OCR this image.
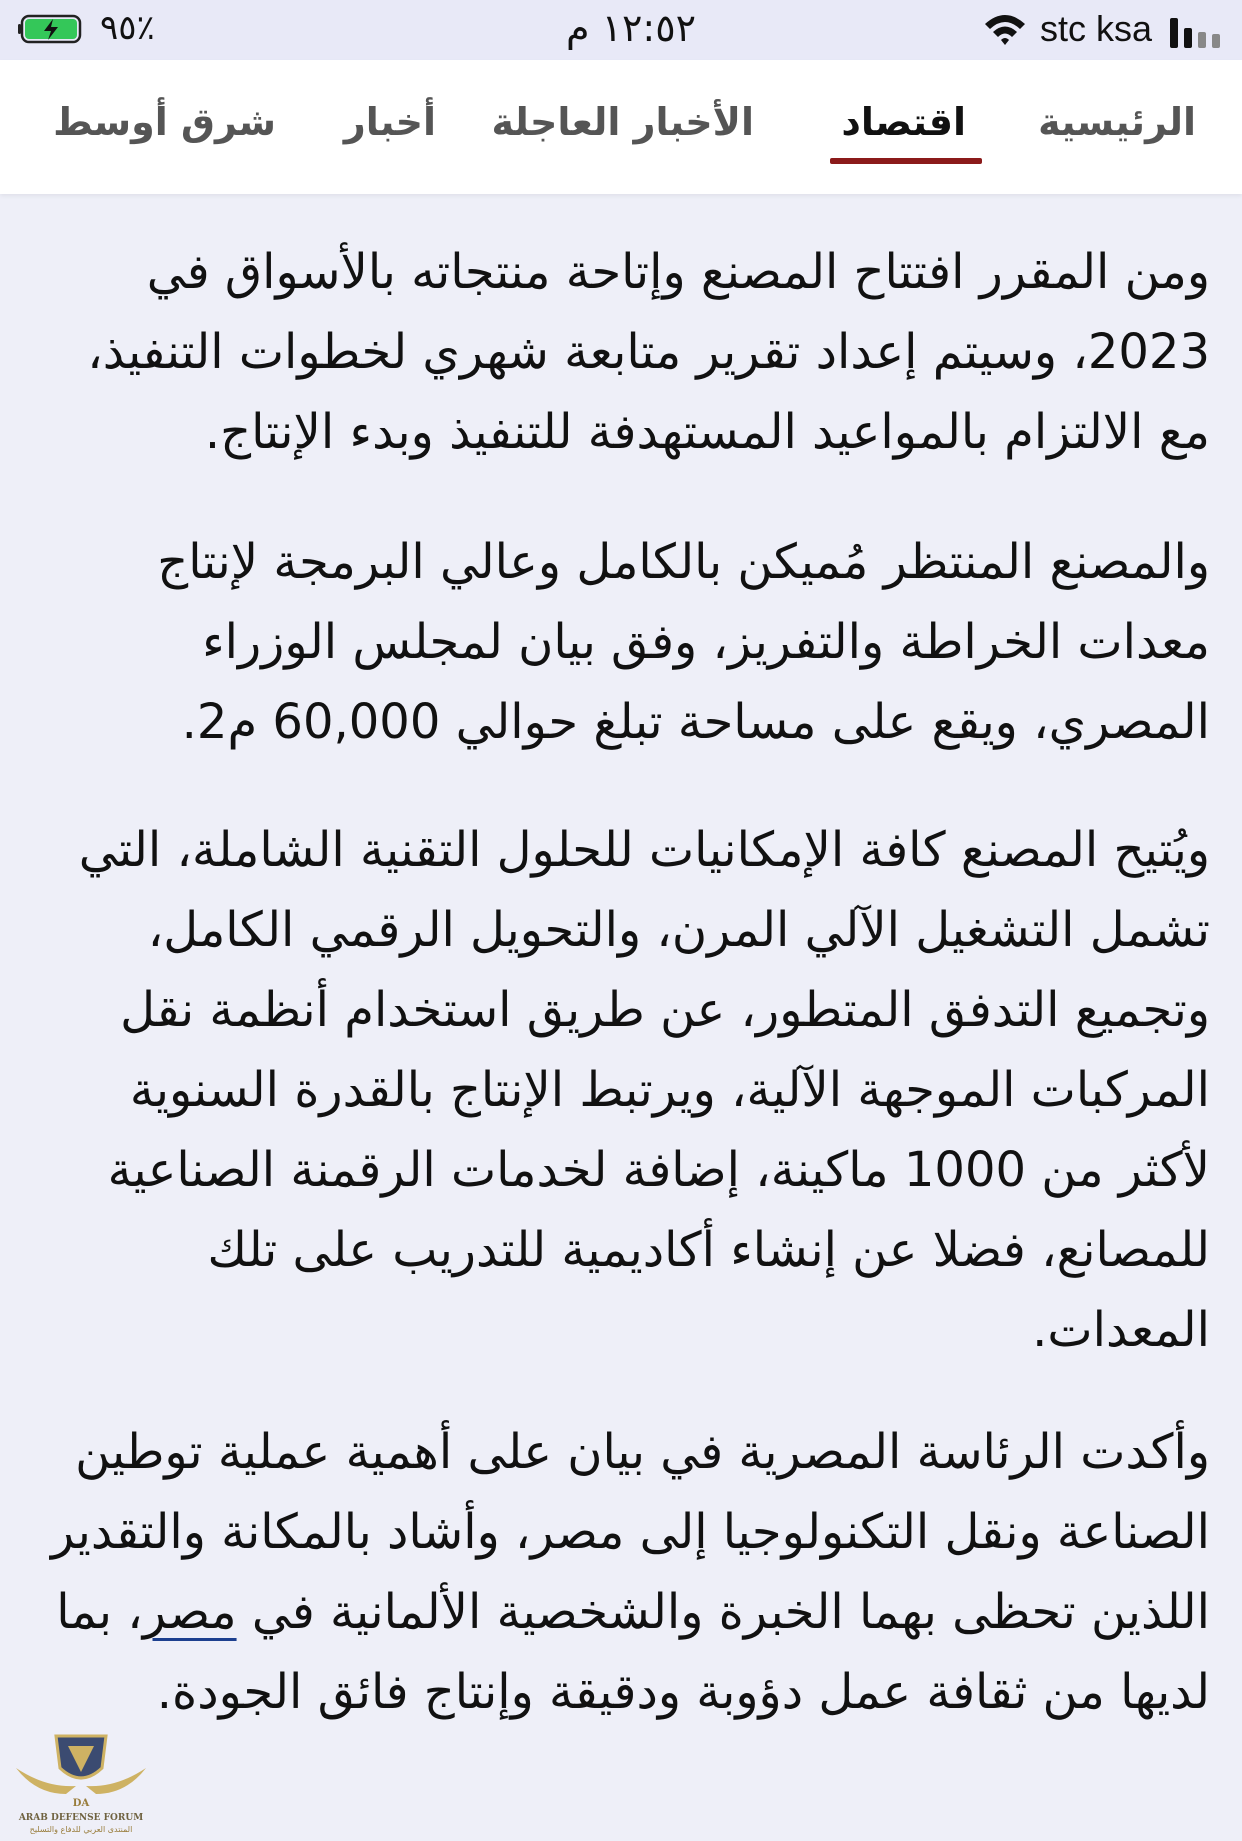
٩٥٪	١٢:٥٢ م	stc ksa
الرئيسية
اقتصاد
الأخبار العاجلة
أخبار
شرق أوسط

ومن المقرر افتتاح المصنع وإتاحة منتجاته بالأسواق في 2023، وسيتم إعداد تقرير متابعة شهري لخطوات التنفيذ، مع الالتزام بالمواعيد المستهدفة للتنفيذ وبدء الإنتاج.

والمصنع المنتظر مُميكن بالكامل وعالي البرمجة لإنتاج معدات الخراطة والتفريز، وفق بيان لمجلس الوزراء المصري، ويقع على مساحة تبلغ حوالي 60,000 م2.

ويُتيح المصنع كافة الإمكانيات للحلول التقنية الشاملة، التي تشمل التشغيل الآلي المرن، والتحويل الرقمي الكامل، وتجميع التدفق المتطور، عن طريق استخدام أنظمة نقل المركبات الموجهة الآلية، ويرتبط الإنتاج بالقدرة السنوية لأكثر من 1000 ماكينة، إضافة لخدمات الرقمنة الصناعية للمصانع، فضلا عن إنشاء أكاديمية للتدريب على تلك المعدات.

وأكدت الرئاسة المصرية في بيان على أهمية عملية توطين الصناعة ونقل التكنولوجيا إلى مصر، وأشاد بالمكانة والتقدير اللذين تحظى بهما الخبرة والشخصية الألمانية في مصر، بما لديها من ثقافة عمل دؤوبة ودقيقة وإنتاج فائق الجودة.

DA
ARAB DEFENSE FORUM
المنتدى العربي للدفاع والتسليح
